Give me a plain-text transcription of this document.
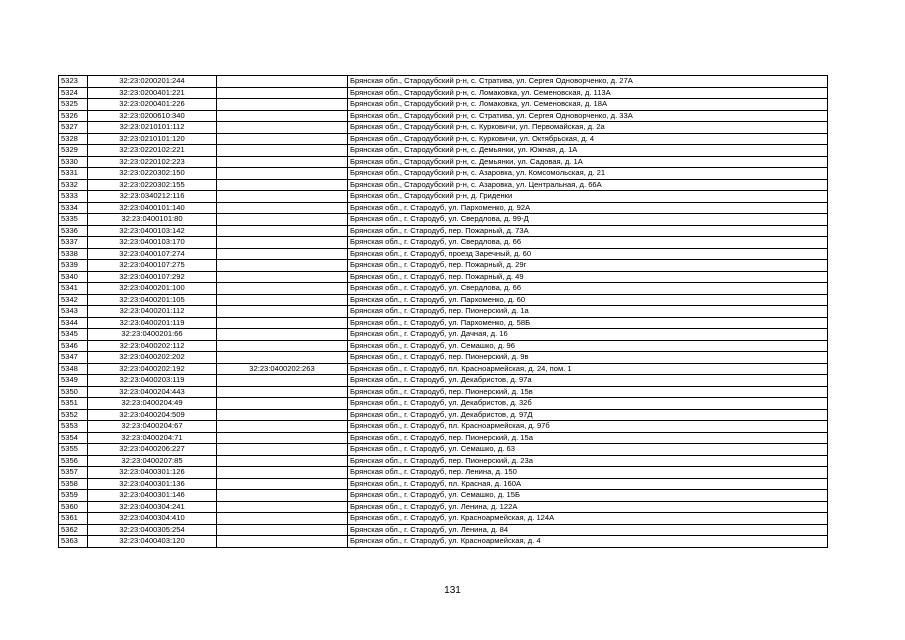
5323	32:23:0200201:244		Брянская обл., Стародубский р-н, с. Стратива, ул. Сергея Одноворченко, д. 27А
5324	32:23:0200401:221		Брянская обл., Стародубский р-н, с. Ломаковка, ул. Семеновская, д. 113А
5325	32:23:0200401:226		Брянская обл., Стародубский р-н, с. Ломаковка, ул. Семеновская, д. 18А
5326	32:23:0200610:340		Брянская обл., Стародубский р-н, с. Стратива, ул. Сергея Одноворченко, д. 33А
5327	32:23:0210101:112		Брянская обл., Стародубский р-н, с. Курковичи, ул. Первомайская, д. 2а
5328	32:23:0210101:120		Брянская обл., Стародубский р-н, с. Курковичи, ул. Октябрьская, д. 4
5329	32:23:0220102:221		Брянская обл., Стародубский р-н, с. Демьянки, ул. Южная, д. 1А
5330	32:23:0220102:223		Брянская обл., Стародубский р-н, с. Демьянки, ул. Садовая, д. 1А
5331	32:23:0220302:150		Брянская обл., Стародубский р-н, с. Азаровка, ул. Комсомольская, д. 21
5332	32:23:0220302:155		Брянская обл., Стародубский р-н, с. Азаровка, ул. Центральная, д. 66А
5333	32:23:0340212:116		Брянская обл., Стародубский р-н, д. Гриденки
5334	32:23:0400101:140		Брянская обл., г. Стародуб, ул. Пархоменко, д. 92А
5335	32:23:0400101:80		Брянская обл., г. Стародуб, ул. Свердлова, д. 99-Д
5336	32:23:0400103:142		Брянская обл., г. Стародуб, пер. Пожарный, д. 73А
5337	32:23:0400103:170		Брянская обл., г. Стародуб, ул. Свердлова, д. 66
5338	32:23:0400107:274		Брянская обл., г. Стародуб, проезд Заречный, д. 60
5339	32:23:0400107:275		Брянская обл., г. Стародуб, пер. Пожарный, д. 29г
5340	32:23:0400107:292		Брянская обл., г. Стародуб, пер. Пожарный, д. 49
5341	32:23:0400201:100		Брянская обл., г. Стародуб, ул. Свердлова, д. 66
5342	32:23:0400201:105		Брянская обл., г. Стародуб, ул. Пархоменко, д. 60
5343	32:23:0400201:112		Брянская обл., г. Стародуб, пер. Пионерский, д. 1а
5344	32:23:0400201:119		Брянская обл., г. Стародуб, ул. Пархоменко, д. 58Б
5345	32:23:0400201:66		Брянская обл., г. Стародуб, ул. Дачная, д. 16
5346	32:23:0400202:112		Брянская обл., г. Стародуб, ул. Семашко, д. 96
5347	32:23:0400202:202		Брянская обл., г. Стародуб, пер. Пионерский, д. 9в
5348	32:23:0400202:192	32:23:0400202:263	Брянская обл., г. Стародуб, пл. Красноармейская, д. 24, пом. 1
5349	32:23:0400203:119		Брянская обл., г. Стародуб, ул. Декабристов, д. 97а
5350	32:23:0400204:443		Брянская обл., г. Стародуб, пер. Пионерский, д. 15в
5351	32:23:0400204:49		Брянская обл., г. Стародуб, ул. Декабристов, д. 32б
5352	32:23:0400204:509		Брянская обл., г. Стародуб, ул. Декабристов, д. 97Д
5353	32:23:0400204:67		Брянская обл., г. Стародуб, пл. Красноармейская, д. 97б
5354	32:23:0400204:71		Брянская обл., г. Стародуб, пер. Пионерский, д. 15а
5355	32:23:0400206:227		Брянская обл., г. Стародуб, ул. Семашко, д. 63
5356	32:23:0400207:85		Брянская обл., г. Стародуб, пер. Пионерский, д. 23а
5357	32:23:0400301:126		Брянская обл., г. Стародуб, пер. Ленина, д. 150
5358	32:23:0400301:136		Брянская обл., г. Стародуб, пл. Красная, д. 160А
5359	32:23:0400301:146		Брянская обл., г. Стародуб, ул. Семашко, д. 15Б
5360	32:23:0400304:241		Брянская обл., г. Стародуб, ул. Ленина, д. 122А
5361	32:23:0400304:410		Брянская обл., г. Стародуб, ул. Красноармейская, д. 124А
5362	32:23:0400305:254		Брянская обл., г. Стародуб, ул. Ленина, д. 84
5363	32:23:0400403:120		Брянская обл., г. Стародуб, ул. Красноармейская, д. 4
131
